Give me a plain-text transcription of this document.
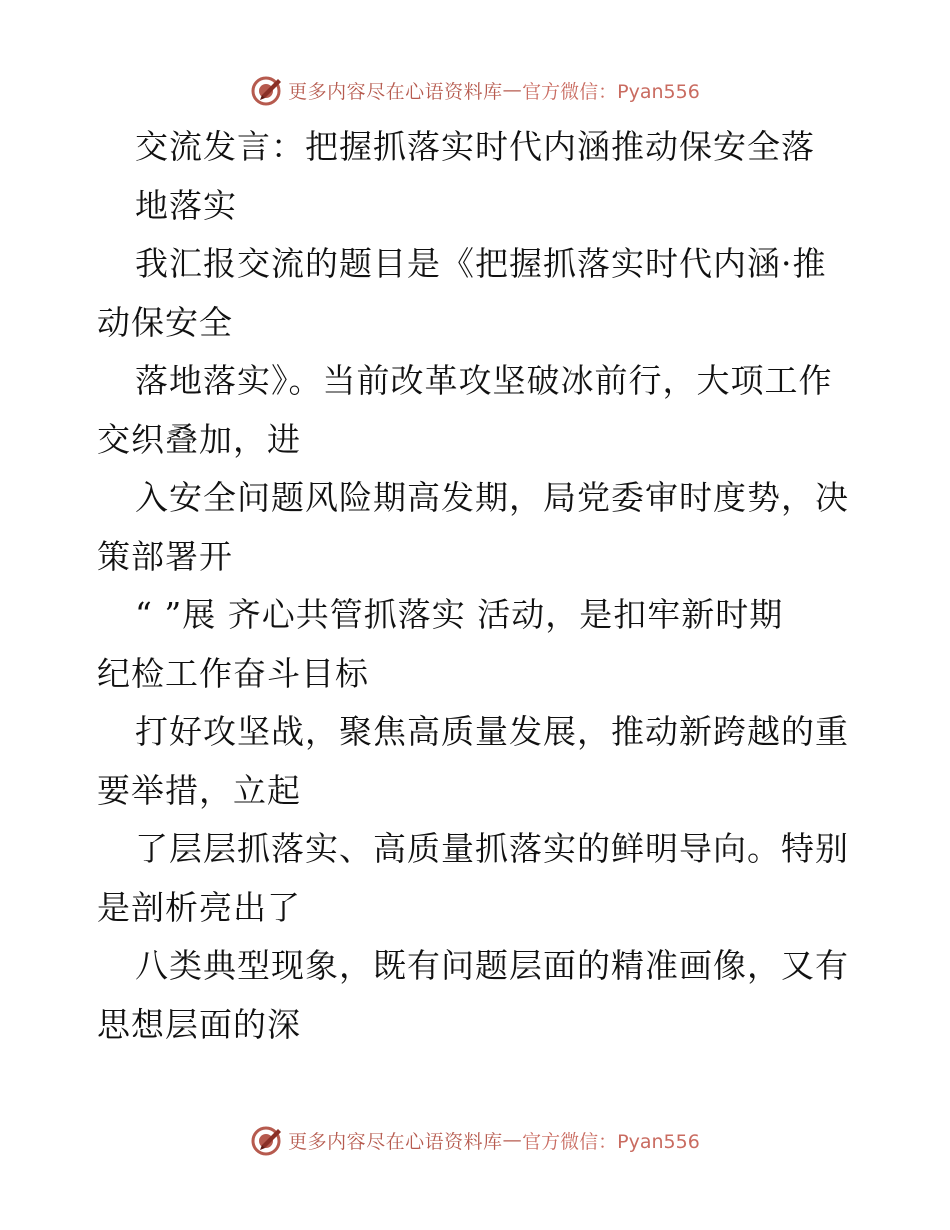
更多内容尽在心语资料库 — 官方微信：Pyan556
交流发言：把握抓落实时代内涵推动保安全落
地落实
我汇报交流的题目是《把握抓落实时代内涵·推
动保安全
落地落实》。当前改革攻坚破冰前行，大项工作
交织叠加，进
入安全问题风险期高发期，局党委审时度势，决
策部署开
“ ”展 齐心共管抓落实 活动，是扣牢新时期
纪检工作奋斗目标
打好攻坚战，聚焦高质量发展，推动新跨越的重
要举措，立起
了层层抓落实、高质量抓落实的鲜明导向。特别
是剖析亮出了
八类典型现象，既有问题层面的精准画像，又有
思想层面的深
更多内容尽在心语资料库 — 官方微信：Pyan556
